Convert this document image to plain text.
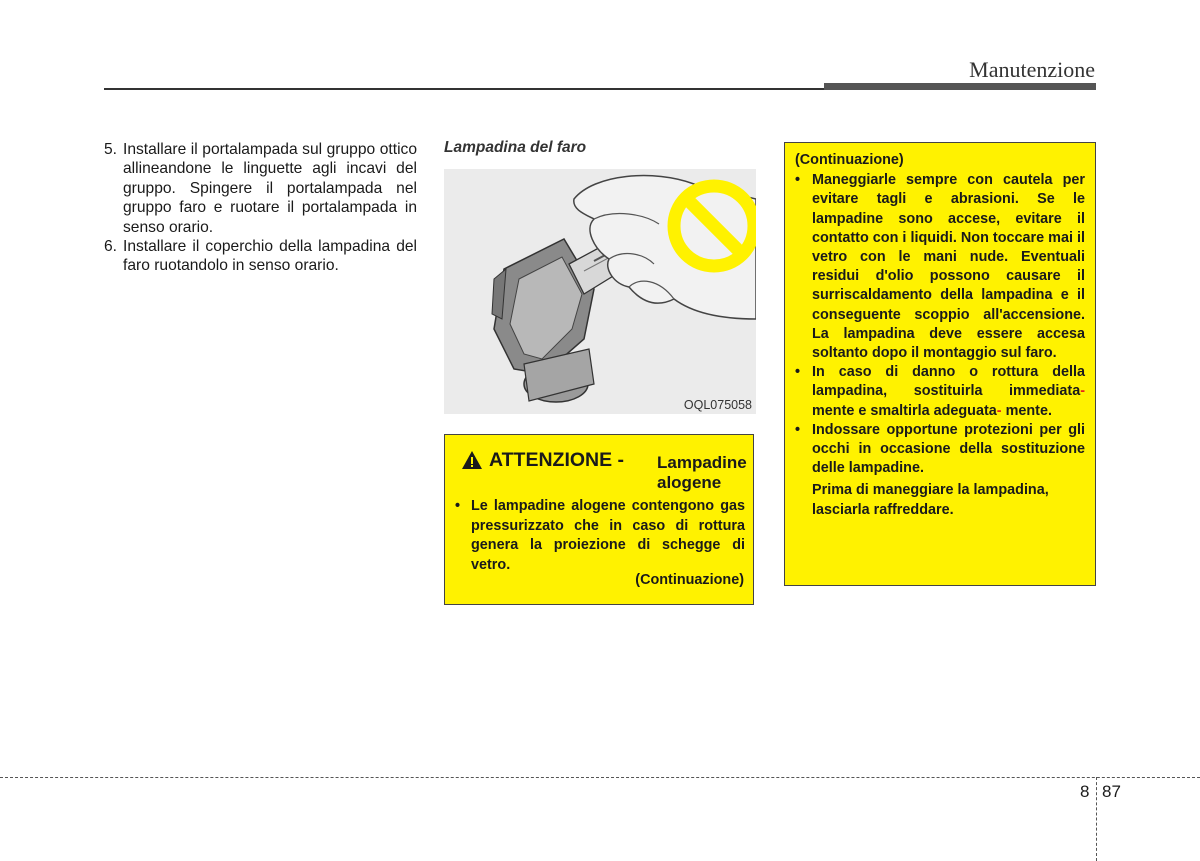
Manutenzione
5. Installare il portalampada sul gruppo ottico allineandone le linguette agli incavi del gruppo. Spingere il portalampada nel gruppo faro e ruotare il portalampada in senso orario.
6. Installare il coperchio della lampadina del faro ruotandolo in senso orario.
Lampadina del faro
OQL075058
ATTENZIONE - Lampadine
alogene
• Le lampadine alogene contengono gas pressurizzato che in caso di rottura genera la proiezione di schegge di vetro.
(Continuazione)
(Continuazione)
• Maneggiarle sempre con cautela per evitare tagli e abrasioni. Se le lampadine sono accese, evitare il contatto con i liquidi. Non toccare mai il vetro con le mani nude. Eventuali residui d'olio possono causare il surriscaldamento della lampadina e il conseguente scoppio all'accensione. La lampadina deve essere accesa soltanto dopo il montaggio sul faro.
• In caso di danno o rottura della lampadina, sostituirla immediata- mente e smaltirla adeguata- mente.
• Indossare opportune protezioni per gli occhi in occasione della sostituzione delle lampadine.
Prima di maneggiare la lampadina, lasciarla raffreddare.
8 87
